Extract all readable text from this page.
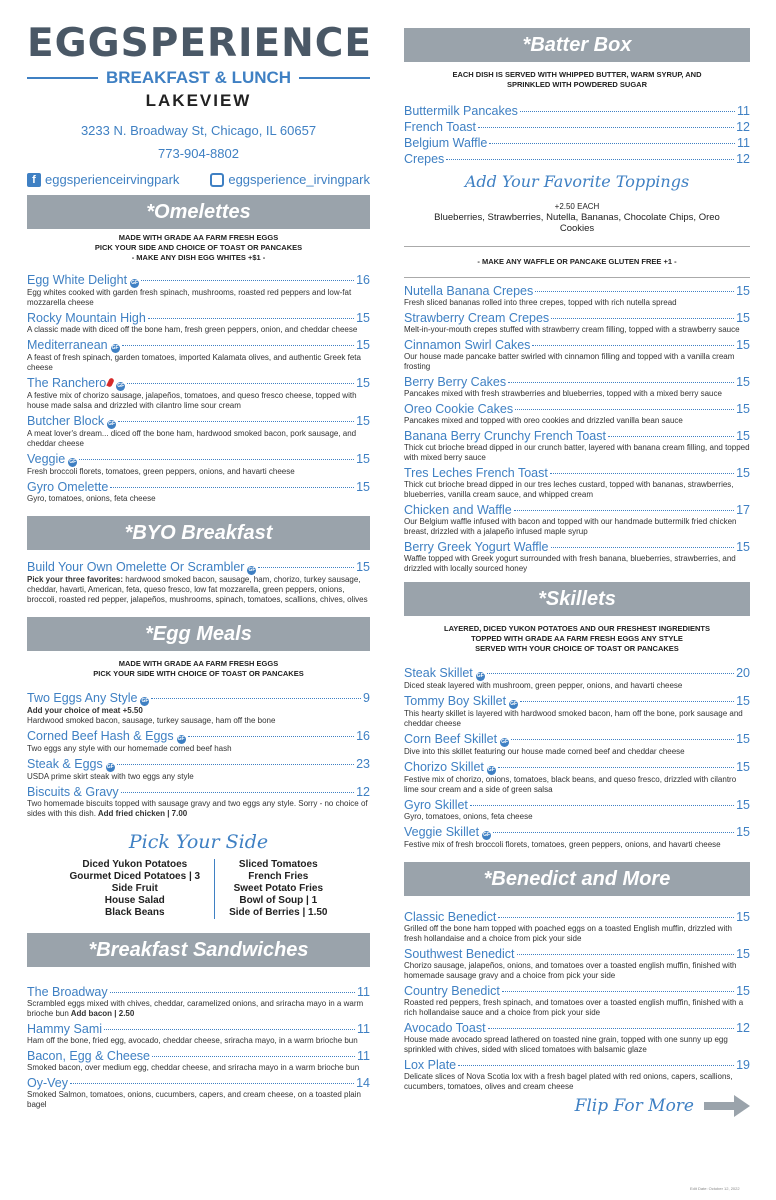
EGGSPERIENCE
BREAKFAST & LUNCH
LAKEVIEW
3233 N. Broadway St, Chicago, IL 60657
773-904-8802
f eggsperienceirvingpark	eggsperience_irvingpark
*Omelettes
MADE WITH GRADE AA FARM FRESH EGGS
PICK YOUR SIDE AND CHOICE OF TOAST OR PANCAKES
- MAKE ANY DISH EGG WHITES +$1 -
Egg White Delight GF	16
Egg whites cooked with garden fresh spinach, mushrooms, roasted red peppers and low-fat mozzarella cheese
Rocky Mountain High	15
A classic made with diced off the bone ham, fresh green peppers, onion, and cheddar cheese
Mediterranean GF	15
A feast of fresh spinach, garden tomatoes, imported Kalamata olives, and authentic Greek feta cheese
The Ranchero GF	15
A festive mix of chorizo sausage, jalapeños, tomatoes, and queso fresco cheese, topped with house made salsa and drizzled with cilantro lime sour cream
Butcher Block GF	15
A meat lover's dream... diced off the bone ham, hardwood smoked bacon, pork sausage, and cheddar cheese
Veggie GF	15
Fresh broccoli florets, tomatoes, green peppers, onions, and havarti cheese
Gyro Omelette	15
Gyro, tomatoes, onions, feta cheese
*BYO Breakfast
Build Your Own Omelette Or Scrambler GF	15
Pick your three favorites: hardwood smoked bacon, sausage, ham, chorizo, turkey sausage, cheddar, havarti, American, feta, queso fresco, low fat mozzarella, green peppers, onions, broccoli, roasted red pepper, jalapeños, mushrooms, spinach, tomatoes, scallions, chives, olives
*Egg Meals
MADE WITH GRADE AA FARM FRESH EGGS
PICK YOUR SIDE WITH CHOICE OF TOAST OR PANCAKES
Two Eggs Any Style GF	9
Add your choice of meat +5.50
Hardwood smoked bacon, sausage, turkey sausage, ham off the bone
Corned Beef Hash & Eggs GF	16
Two eggs any style with our homemade corned beef hash
Steak & Eggs GF	23
USDA prime skirt steak with two eggs any style
Biscuits & Gravy	12
Two homemade biscuits topped with sausage gravy and two eggs any style. Sorry - no choice of sides with this dish. Add fried chicken | 7.00
Pick Your Side
Diced Yukon Potatoes
Gourmet Diced Potatoes | 3
Side Fruit
House Salad
Black Beans
Sliced Tomatoes
French Fries
Sweet Potato Fries
Bowl of Soup | 1
Side of Berries | 1.50
*Breakfast Sandwiches
The Broadway	11
Scrambled eggs mixed with chives, cheddar, caramelized onions, and sriracha mayo in a warm brioche bun Add bacon | 2.50
Hammy Sami	11
Ham off the bone, fried egg, avocado, cheddar cheese, sriracha mayo, in a warm brioche bun
Bacon, Egg & Cheese	11
Smoked bacon, over medium egg, cheddar cheese, and sriracha mayo in a warm brioche bun
Oy-Vey	14
Smoked Salmon, tomatoes, onions, cucumbers, capers, and cream cheese, on a toasted plain bagel
*Batter Box
EACH DISH IS SERVED WITH WHIPPED BUTTER, WARM SYRUP, AND
SPRINKLED WITH POWDERED SUGAR
Buttermilk Pancakes	11
French Toast	12
Belgium Waffle	11
Crepes	12
Add Your Favorite Toppings
+2.50 EACH
Blueberries, Strawberries, Nutella, Bananas, Chocolate Chips, Oreo Cookies
- MAKE ANY WAFFLE OR PANCAKE GLUTEN FREE +1 -
Nutella Banana Crepes	15
Fresh sliced bananas rolled into three crepes, topped with rich nutella spread
Strawberry Cream Crepes	15
Melt-in-your-mouth crepes stuffed with strawberry cream filling, topped with a strawberry sauce
Cinnamon Swirl Cakes	15
Our house made pancake batter swirled with cinnamon filling and topped with a vanilla cream frosting
Berry Berry Cakes	15
Pancakes mixed with fresh strawberries and blueberries, topped with a mixed berry sauce
Oreo Cookie Cakes	15
Pancakes mixed and topped with oreo cookies and drizzled vanilla bean sauce
Banana Berry Crunchy French Toast	15
Thick cut brioche bread dipped in our crunch batter, layered with banana cream filling, and topped with mixed berry sauce
Tres Leches French Toast	15
Thick cut brioche bread dipped in our tres leches custard, topped with bananas, strawberries, blueberries, vanilla cream sauce, and whipped cream
Chicken and Waffle	17
Our Belgium waffle infused with bacon and topped with our handmade buttermilk fried chicken breast, drizzled with a jalapeño infused maple syrup
Berry Greek Yogurt Waffle	15
Waffle topped with Greek yogurt surrounded with fresh banana, blueberries, strawberries, and drizzled with locally sourced honey
*Skillets
LAYERED, DICED YUKON POTATOES AND OUR FRESHEST INGREDIENTS
TOPPED WITH GRADE AA FARM FRESH EGGS ANY STYLE
SERVED WITH YOUR CHOICE OF TOAST OR PANCAKES
Steak Skillet GF	20
Diced steak layered with mushroom, green pepper, onions, and havarti cheese
Tommy Boy Skillet GF	15
This hearty skillet is layered with hardwood smoked bacon, ham off the bone, pork sausage and cheddar cheese
Corn Beef Skillet GF	15
Dive into this skillet featuring our house made corned beef and cheddar cheese
Chorizo Skillet GF	15
Festive mix of chorizo, onions, tomatoes, black beans, and queso fresco, drizzled with cilantro lime sour cream and a side of green salsa
Gyro Skillet	15
Gyro, tomatoes, onions, feta cheese
Veggie Skillet GF	15
Festive mix of fresh broccoli florets, tomatoes, green peppers, onions, and havarti cheese
*Benedict and More
Classic Benedict	15
Grilled off the bone ham topped with poached eggs on a toasted English muffin, drizzled with fresh hollandaise and a choice from pick your side
Southwest Benedict	15
Chorizo sausage, jalapeños, onions, and tomatoes over a toasted english muffin, finished with homemade sausage gravy and a choice from pick your side
Country Benedict	15
Roasted red peppers, fresh spinach, and tomatoes over a toasted english muffin, finished with a rich hollandaise sauce and a choice from pick your side
Avocado Toast	12
House made avocado spread lathered on toasted nine grain, topped with one sunny up egg sprinkled with chives, sided with sliced tomatoes with balsamic glaze
Lox Plate	19
Delicate slices of Nova Scotia lox with a fresh bagel plated with red onions, capers, scallions, cucumbers, tomatoes, olives and cream cheese
Flip For More
Edit Date: October 12, 2022
